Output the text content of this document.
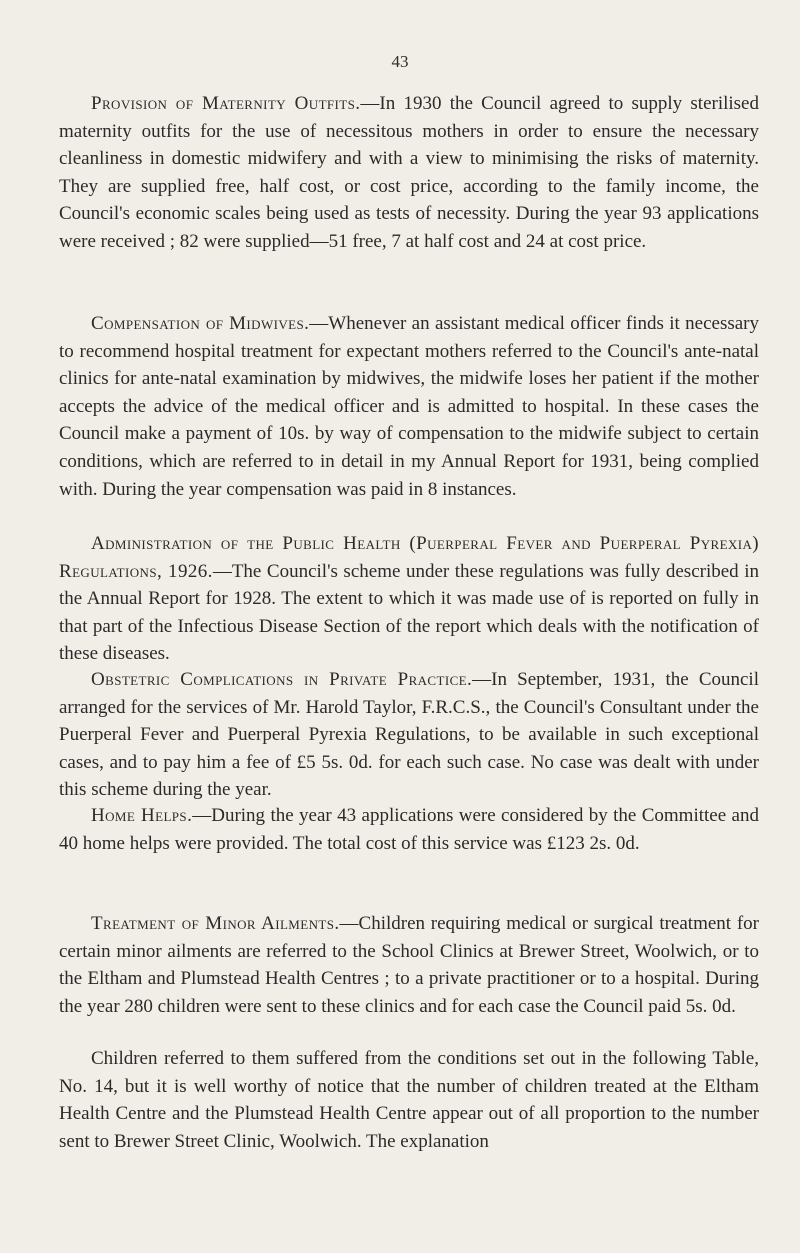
43

Provision of Maternity Outfits.—In 1930 the Council agreed to supply sterilised maternity outfits for the use of necessitous mothers in order to ensure the necessary cleanliness in domestic midwifery and with a view to minimising the risks of maternity. They are supplied free, half cost, or cost price, according to the family income, the Council's economic scales being used as tests of necessity. During the year 93 applications were received ; 82 were supplied—51 free, 7 at half cost and 24 at cost price.

Compensation of Midwives.—Whenever an assistant medical officer finds it necessary to recommend hospital treatment for expectant mothers referred to the Council's ante-natal clinics for ante-natal examination by midwives, the midwife loses her patient if the mother accepts the advice of the medical officer and is admitted to hospital. In these cases the Council make a payment of 10s. by way of compensation to the midwife subject to certain conditions, which are referred to in detail in my Annual Report for 1931, being complied with. During the year compensation was paid in 8 instances.

Administration of the Public Health (Puerperal Fever and Puerperal Pyrexia) Regulations, 1926.—The Council's scheme under these regulations was fully described in the Annual Report for 1928. The extent to which it was made use of is reported on fully in that part of the Infectious Disease Section of the report which deals with the notification of these diseases.

Obstetric Complications in Private Practice.—In September, 1931, the Council arranged for the services of Mr. Harold Taylor, F.R.C.S., the Council's Consultant under the Puerperal Fever and Puerperal Pyrexia Regulations, to be available in such exceptional cases, and to pay him a fee of £5 5s. 0d. for each such case. No case was dealt with under this scheme during the year.

Home Helps.—During the year 43 applications were considered by the Committee and 40 home helps were provided. The total cost of this service was £123 2s. 0d.

Treatment of Minor Ailments.—Children requiring medical or surgical treatment for certain minor ailments are referred to the School Clinics at Brewer Street, Woolwich, or to the Eltham and Plumstead Health Centres ; to a private practitioner or to a hospital. During the year 280 children were sent to these clinics and for each case the Council paid 5s. 0d.

Children referred to them suffered from the conditions set out in the following Table, No. 14, but it is well worthy of notice that the number of children treated at the Eltham Health Centre and the Plumstead Health Centre appear out of all proportion to the number sent to Brewer Street Clinic, Woolwich. The explanation
